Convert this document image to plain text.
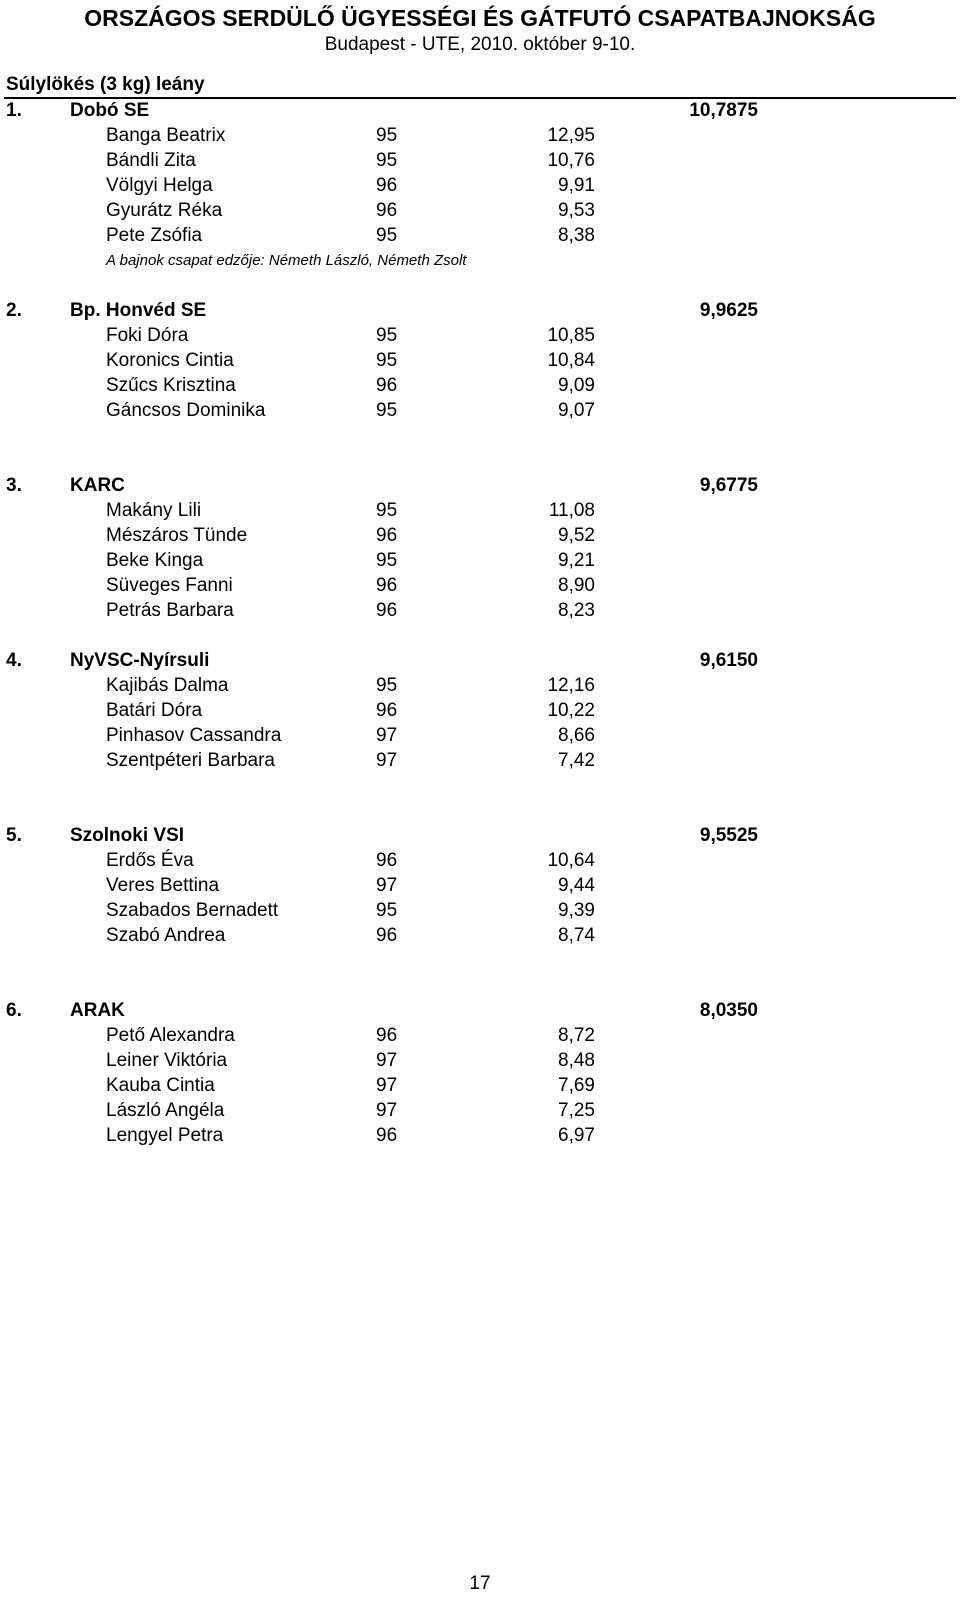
ORSZÁGOS SERDÜLŐ ÜGYESSÉGI ÉS GÁTFUTÓ CSAPATBAJNOKSÁG
Budapest - UTE, 2010. október 9-10.
Súlylökés (3 kg) leány
1.	Dobó SE	10,7875
Banga Beatrix	95	12,95
Bándli Zita	95	10,76
Völgyi Helga	96	9,91
Gyurátz Réka	96	9,53
Pete Zsófia	95	8,38
A bajnok csapat edzője: Németh László, Németh Zsolt
2.	Bp. Honvéd SE	9,9625
Foki Dóra	95	10,85
Koronics Cintia	95	10,84
Szűcs Krisztina	96	9,09
Gáncsos Dominika	95	9,07
3.	KARC	9,6775
Makány Lili	95	11,08
Mészáros Tünde	96	9,52
Beke Kinga	95	9,21
Süveges Fanni	96	8,90
Petrás Barbara	96	8,23
4.	NyVSC-Nyírsuli	9,6150
Kajibás Dalma	95	12,16
Batári Dóra	96	10,22
Pinhasov Cassandra	97	8,66
Szentpéteri Barbara	97	7,42
5.	Szolnoki VSI	9,5525
Erdős Éva	96	10,64
Veres Bettina	97	9,44
Szabados Bernadett	95	9,39
Szabó Andrea	96	8,74
6.	ARAK	8,0350
Pető Alexandra	96	8,72
Leiner Viktória	97	8,48
Kauba Cintia	97	7,69
László Angéla	97	7,25
Lengyel Petra	96	6,97
17
